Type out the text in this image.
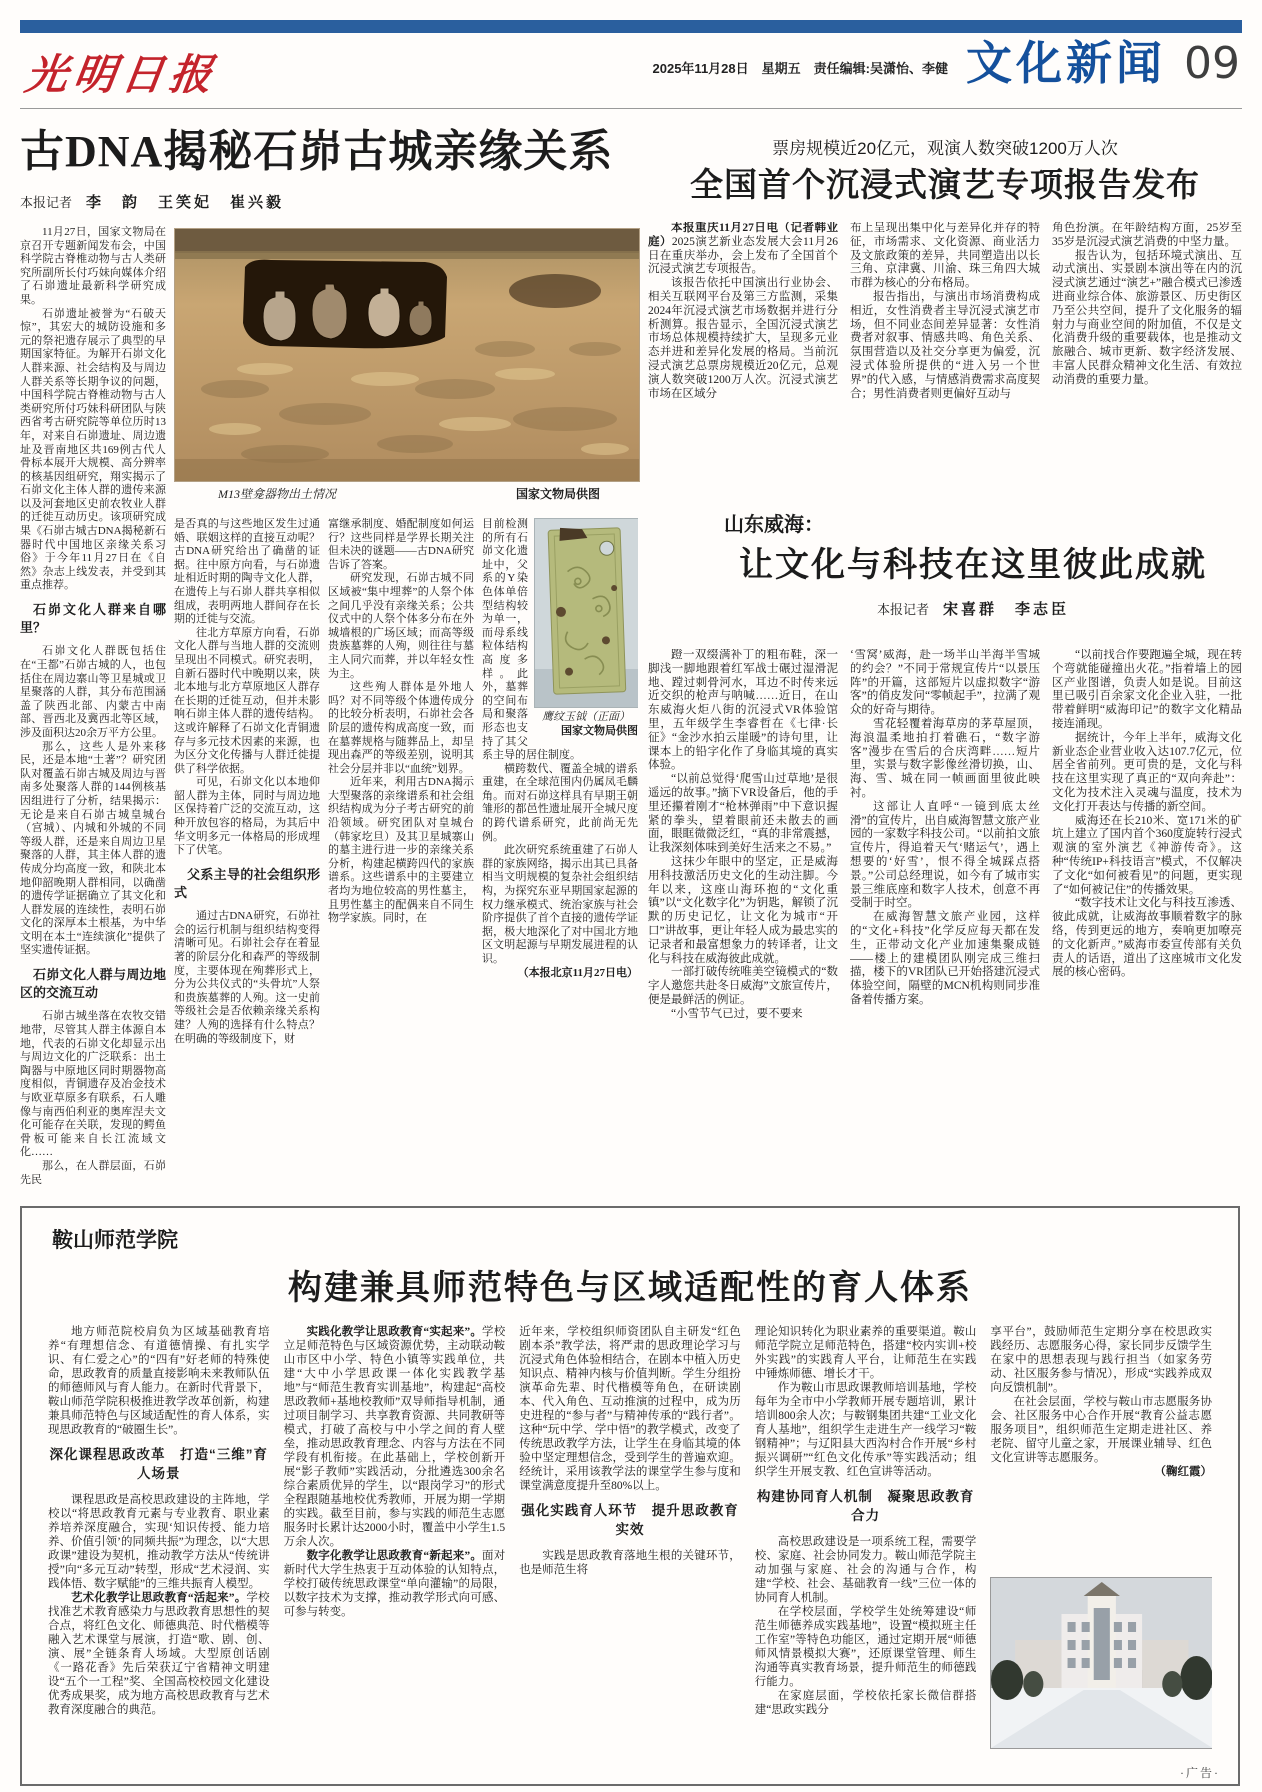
光明日报	2025年11月28日　星期五　 责任编辑:吴潇怡、李健 文化新闻 09
古DNA揭秘石峁古城亲缘关系
本报记者 李　韵　王笑妃　崔兴毅

11月27日，国家文物局在京召开专题新闻发布会，中国科学院古脊椎动物与古人类研究所副所长付巧妹向媒体介绍了石峁遗址最新科学研究成果。

石峁遗址被誉为“石破天惊”，其宏大的城防设施和多元的祭祀遗存展示了典型的早期国家特征。为解开石峁文化人群来源、社会结构及与周边人群关系等长期争议的问题，中国科学院古脊椎动物与古人类研究所付巧妹科研团队与陕西省考古研究院等单位历时13年，对来自石峁遗址、周边遗址及晋南地区共169例古代人骨标本展开大规模、高分辨率的核基因组研究，翔实揭示了石峁文化主体人群的遗传来源以及河套地区史前农牧业人群的迁徙互动历史。该项研究成果《石峁古城古DNA揭秘新石器时代中国地区亲缘关系习俗》于今年11月27日在《自然》杂志上线发表，并受到其重点推荐。

石峁文化人群来自哪里？

石峁文化人群既包括住在“王都”石峁古城的人，也包括住在周边寨山等卫星城或卫星聚落的人群，其分布范围涵盖了陕西北部、内蒙古中南部、晋西北及冀西北等区域，涉及面积达20余万平方公里。

那么，这些人是外来移民，还是本地“土著”？研究团队对覆盖石峁古城及周边与晋南多处聚落人群的144例核基因组进行了分析，结果揭示：无论是来自石峁古城皇城台（宫城）、内城和外城的不同等级人群，还是来自周边卫星聚落的人群，其主体人群的遗传成分均高度一致，和陕北本地仰韶晚期人群相同，以确凿的遗传学证据确立了其文化和人群发展的连续性，表明石峁文化的深厚本土根基，为中华文明在本土“连续演化”提供了坚实遗传证据。

石峁文化人群与周边地区的交流互动

石峁古城坐落在农牧交错地带，尽管其人群主体源自本地，代表的石峁文化却显示出与周边文化的广泛联系：出土陶器与中原地区同时期器物高度相似，青铜遗存及冶金技术与欧亚草原多有联系，石人雕像与南西伯利亚的奥库涅夫文化可能存在关联，发现的鳄鱼骨板可能来自长江流域文化……

那么，在人群层面，石峁先民

M13壁龛器物出土情况	国家文物局供图

是否真的与这些地区发生过通婚、联姻这样的直接互动呢？古DNA研究给出了确凿的证据。往中原方向看，与石峁遗址相近时期的陶寺文化人群，在遗传上与石峁人群共享相似组成，表明两地人群间存在长期的迁徙与交流。

往北方草原方向看，石峁文化人群与当地人群的交流则呈现出不同模式。研究表明，自新石器时代中晚期以来，陕北本地与北方草原地区人群存在长期的迁徙互动，但并未影响石峁主体人群的遗传结构。这或许解释了石峁文化青铜遗存与多元技术因素的来源，也为区分文化传播与人群迁徙提供了科学依据。

可见，石峁文化以本地仰韶人群为主体，同时与周边地区保持着广泛的交流互动，这种开放包容的格局，为其后中华文明多元一体格局的形成埋下了伏笔。

父系主导的社会组织形式

通过古DNA研究，石峁社会的运行机制与组织结构变得清晰可见。石峁社会存在着显著的阶层分化和森严的等级制度，主要体现在殉葬形式上，分为公共仪式的“头骨坑”人祭和贵族墓葬的人殉。这一史前等级社会是否依赖亲缘关系构建？人殉的选择有什么特点？在明确的等级制度下，财

富继承制度、婚配制度如何运行？这些同样是学界长期关注但未决的谜题——古DNA研究告诉了答案。

研究发现，石峁古城不同区域被“集中埋葬”的人祭个体之间几乎没有亲缘关系；公共仪式中的人祭个体多分布在外城墙根的广场区域；而高等级贵族墓葬的人殉，则往往与墓主人同穴而葬，并以年轻女性为主。

这些殉人群体是外地人吗？对不同等级个体遗传成分的比较分析表明，石峁社会各阶层的遗传构成高度一致，而在墓葬规格与随葬品上，却呈现出森严的等级差别，说明其社会分层并非以“血统”划界。

近年来，利用古DNA揭示大型聚落的亲缘谱系和社会组织结构成为分子考古研究的前沿领域。研究团队对皇城台（韩家圪旦）及其卫星城寨山的墓主进行进一步的亲缘关系分析，构建起横跨四代的家族谱系。这些谱系中的主要建立者均为地位较高的男性墓主，且男性墓主的配偶来自不同生物学家族。同时，在

鹰纹玉钺（正面）
国家文物局供图

目前检测的所有石峁文化遗址中，父系的Y染色体单倍型结构较为单一，而母系线粒体结构高度多样。此外，墓葬的空间布局和聚落形态也支持了其父系主导的居住制度。

横跨数代、覆盖全城的谱系重建，在全球范围内仍属凤毛麟角。而对石峁这样具有早期王朝雏形的都邑性遗址展开全城尺度的跨代谱系研究，此前尚无先例。

此次研究系统重建了石峁人群的家族网络，揭示出其已具备相当文明规模的复杂社会组织结构，为探究东亚早期国家起源的权力继承模式、统治家族与社会阶序提供了首个直接的遗传学证据，极大地深化了对中国北方地区文明起源与早期发展进程的认识。

（本报北京11月27日电）

票房规模近20亿元，观演人数突破1200万人次
全国首个沉浸式演艺专项报告发布

本报重庆11月27日电（记者韩业庭）2025演艺新业态发展大会11月26日在重庆举办，会上发布了全国首个沉浸式演艺专项报告。

该报告依托中国演出行业协会、相关互联网平台及第三方监测，采集2024年沉浸式演艺市场数据并进行分析测算。报告显示，全国沉浸式演艺市场总体规模持续扩大，呈现多元业态并进和差异化发展的格局。当前沉浸式演艺总票房规模近20亿元，总观演人数突破1200万人次。沉浸式演艺市场在区域分

布上呈现出集中化与差异化并存的特征，市场需求、文化资源、商业活力及文旅政策的差异，共同塑造出以长三角、京津冀、川渝、珠三角四大城市群为核心的分布格局。

报告指出，与演出市场消费构成相近，女性消费者主导沉浸式演艺市场，但不同业态间差异显著：女性消费者对叙事、情感共鸣、角色关系、氛围营造以及社交分享更为偏爱，沉浸式体验所提供的“进入另一个世界”的代入感，与情感消费需求高度契合；男性消费者则更偏好互动与

角色扮演。在年龄结构方面，25岁至35岁是沉浸式演艺消费的中坚力量。

报告认为，包括环境式演出、互动式演出、实景剧本演出等在内的沉浸式演艺通过“演艺+”融合模式已渗透进商业综合体、旅游景区、历史街区乃至公共空间，提升了文化服务的辐射力与商业空间的附加值，不仅是文化消费升级的重要载体，也是推动文旅融合、城市更新、数字经济发展、丰富人民群众精神文化生活、有效拉动消费的重要力量。

山东威海：
让文化与科技在这里彼此成就
本报记者 宋喜群　李志臣

蹬一双缀满补丁的粗布鞋，深一脚浅一脚地跟着红军战士碾过湿滑泥地、蹚过刺骨河水，耳边不时传来远近交织的枪声与呐喊……近日，在山东威海火炬八街的沉浸式VR体验馆里，五年级学生李睿哲在《七律·长征》“金沙水拍云崖暖”的诗句里，让课本上的铅字化作了身临其境的真实体验。

“以前总觉得‘爬雪山过草地’是很遥远的故事。”摘下VR设备后，他的手里还攥着刚才“枪林弹雨”中下意识握紧的拳头，望着眼前还未散去的画面，眼眶微微泛红，“真的非常震撼，让我深刻体味到美好生活来之不易。”

这抹少年眼中的坚定，正是威海用科技激活历史文化的生动注脚。今年以来，这座山海环抱的“文化重镇”以“文化数字化”为钥匙，解锁了沉默的历史记忆，让文化为城市“开口”讲故事，更让年轻人成为最忠实的记录者和最富想象力的转译者，让文化与科技在威海彼此成就。

一部打破传统唯美空镜模式的“数字人邀您共赴冬日威海”文旅宣传片，便是最鲜活的例证。

“小雪节气已过，要不要来

‘雪窝’威海，赴一场半山半海半雪城的约会？”不同于常规宣传片“以景压阵”的开篇，这部短片以虚拟数字“游客”的俏皮发问“零帧起手”，拉满了观众的好奇与期待。

雪花轻覆着海草房的茅草屋顶，海浪温柔地拍打着礁石，“数字游客”漫步在雪后的合庆湾畔……短片里，实景与数字影像丝滑切换，山、海、雪、城在同一帧画面里彼此映衬。

这部让人直呼“一镜到底太丝滑”的宣传片，出自威海智慧文旅产业园的一家数字科技公司。“以前拍文旅宣传片，得追着天气‘赌运气’，遇上想要的‘好雪’，恨不得全城踩点搭景。”公司总经理说，如今有了城市实景三维底座和数字人技术，创意不再受制于时空。

在威海智慧文旅产业园，这样的“文化+科技”化学反应每天都在发生，正带动文化产业加速集聚成链——楼上的建模团队刚完成三维扫描，楼下的VR团队已开始搭建沉浸式体验空间，隔壁的MCN机构则同步准备着传播方案。

“以前找合作要跑遍全城，现在转个弯就能碰撞出火花。”指着墙上的园区产业图谱，负责人如是说。目前这里已吸引百余家文化企业入驻，一批带着鲜明“威海印记”的数字文化精品接连涌现。

据统计，今年上半年，威海文化新业态企业营业收入达107.7亿元，位居全省前列。更可贵的是，文化与科技在这里实现了真正的“双向奔赴”：文化为技术注入灵魂与温度，技术为文化打开表达与传播的新空间。

威海还在长210米、宽171米的矿坑上建立了国内首个360度旋转行浸式观演的室外演艺《神游传奇》。这种“传统IP+科技语言”模式，不仅解决了文化“如何被看见”的问题，更实现了“如何被记住”的传播效果。

“数字技术让文化与科技互渗透、彼此成就，让威海故事顺着数字的脉络，传到更远的地方，奏响更加嘹亮的文化新声。”威海市委宣传部有关负责人的话语，道出了这座城市文化发展的核心密码。

鞍山师范学院
构建兼具师范特色与区域适配性的育人体系

地方师范院校肩负为区域基础教育培养“有理想信念、有道德情操、有扎实学识、有仁爱之心”的“四有”好老师的特殊使命，思政教育的质量直接影响未来教师队伍的师德师风与育人能力。在新时代背景下，鞍山师范学院积极推进教学改革创新，构建兼具师范特色与区域适配性的育人体系，实现思政教育的“破圈生长”。

深化课程思政改革　打造“三维”育人场景

课程思政是高校思政建设的主阵地，学校以“将思政教育元素与专业教育、职业素养培养深度融合，实现‘知识传授、能力培养、价值引领’的同频共振”为理念，以“大思政课”建设为契机，推动教学方法从“传统讲授”向“多元互动”转型，形成“艺术浸润、实践体悟、数字赋能”的三维共振育人模型。

艺术化教学让思政教育“活起来”。学校找准艺术教育感染力与思政教育思想性的契合点，将红色文化、师德典范、时代楷模等融入艺术课堂与展演，打造“歌、剧、创、演、展”全链条育人场域。大型原创话剧《一路花香》先后荣获辽宁省精神文明建设“五个一工程”奖、全国高校校园文化建设优秀成果奖，成为地方高校思政教育与艺术教育深度融合的典范。

实践化教学让思政教育“实起来”。学校立足师范特色与区域资源优势，主动联动鞍山市区中小学、特色小镇等实践单位，共建“大中小学思政课一体化实践教学基地”与“师范生教育实训基地”，构建起“高校思政教师+基地校教师”双导师指导机制，通过项目制学习、共享教育资源、共同教研等模式，打破了高校与中小学之间的育人壁垒，推动思政教育理念、内容与方法在不同学段有机衔接。在此基础上，学校创新开展“影子教师”实践活动，分批遴选300余名综合素质优异的学生，以“跟岗学习”的形式全程跟随基地校优秀教师，开展为期一学期的实践。截至目前，参与实践的师范生志愿服务时长累计达2000小时，覆盖中小学生1.5万余人次。

数字化教学让思政教育“新起来”。面对新时代大学生热衷于互动体验的认知特点，学校打破传统思政课堂“单向灌输”的局限，以数字技术为支撑，推动教学形式向可感、可参与转变。

近年来，学校组织师资团队自主研发“红色剧本杀”教学法，将严肃的思政理论学习与沉浸式角色体验相结合，在剧本中植入历史知识点、精神内核与价值判断。学生分组扮演革命先辈、时代楷模等角色，在研读剧本、代入角色、互动推演的过程中，成为历史进程的“参与者”与精神传承的“践行者”。这种“玩中学、学中悟”的教学模式，改变了传统思政教学方法，让学生在身临其境的体验中坚定理想信念，受到学生的普遍欢迎。经统计，采用该教学法的课堂学生参与度和课堂满意度提升至80%以上。

强化实践育人环节　提升思政教育实效

实践是思政教育落地生根的关键环节，也是师范生将

理论知识转化为职业素养的重要渠道。鞍山师范学院立足师范特色，搭建“校内实训+校外实践”的实践育人平台，让师范生在实践中锤炼师德、增长才干。

作为鞍山市思政课教师培训基地，学校每年为全市中小学教师开展专题培训，累计培训800余人次；与鞍钢集团共建“工业文化育人基地”，组织学生走进生产一线学习“鞍钢精神”；与辽阳县大西沟村合作开展“乡村振兴调研”“红色文化传承”等实践活动；组织学生开展支教、红色宣讲等活动。

构建协同育人机制　凝聚思政教育合力

高校思政建设是一项系统工程，需要学校、家庭、社会协同发力。鞍山师范学院主动加强与家庭、社会的沟通与合作，构建“学校、社会、基础教育一线”三位一体的协同育人机制。

在学校层面，学校学生处统筹建设“师范生师德养成实践基地”，设置“模拟班主任工作室”等特色功能区，通过定期开展“师德师风情景模拟大赛”，还原课堂管理、师生沟通等真实教育场景，提升师范生的师德践行能力。

在家庭层面，学校依托家长微信群搭建“思政实践分

享平台”，鼓励师范生定期分享在校思政实践经历、志愿服务心得，家长同步反馈学生在家中的思想表现与践行担当（如家务劳动、社区服务参与情况），形成“实践养成双向反馈机制”。

在社会层面，学校与鞍山市志愿服务协会、社区服务中心合作开展“教育公益志愿服务项目”，组织师范生定期走进社区、养老院、留守儿童之家，开展课业辅导、红色文化宣讲等志愿服务。

（鞠红霞）

·广告·
